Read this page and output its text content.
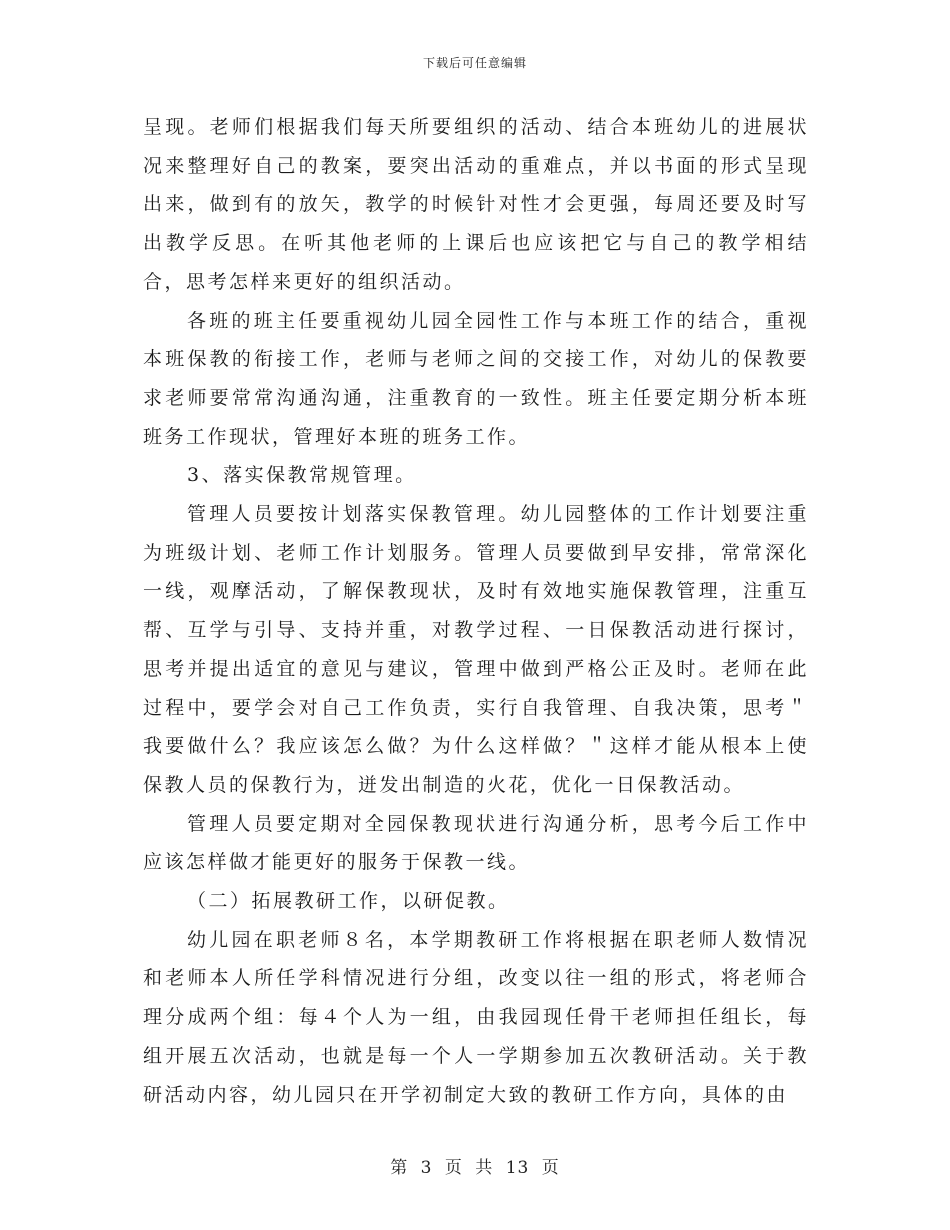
下载后可任意编辑

呈现。老师们根据我们每天所要组织的活动、结合本班幼儿的进展状况来整理好自己的教案，要突出活动的重难点，并以书面的形式呈现出来，做到有的放矢，教学的时候针对性才会更强，每周还要及时写出教学反思。在听其他老师的上课后也应该把它与自己的教学相结合，思考怎样来更好的组织活动。

各班的班主任要重视幼儿园全园性工作与本班工作的结合，重视本班保教的衔接工作，老师与老师之间的交接工作，对幼儿的保教要求老师要常常沟通沟通，注重教育的一致性。班主任要定期分析本班班务工作现状，管理好本班的班务工作。

3、落实保教常规管理。

管理人员要按计划落实保教管理。幼儿园整体的工作计划要注重为班级计划、老师工作计划服务。管理人员要做到早安排，常常深化一线，观摩活动，了解保教现状，及时有效地实施保教管理，注重互帮、互学与引导、支持并重，对教学过程、一日保教活动进行探讨，思考并提出适宜的意见与建议，管理中做到严格公正及时。老师在此过程中，要学会对自己工作负责，实行自我管理、自我决策，思考＂我要做什么？我应该怎么做？为什么这样做？＂这样才能从根本上使保教人员的保教行为，迸发出制造的火花，优化一日保教活动。

管理人员要定期对全园保教现状进行沟通分析，思考今后工作中应该怎样做才能更好的服务于保教一线。

（二）拓展教研工作，以研促教。

幼儿园在职老师８名，本学期教研工作将根据在职老师人数情况和老师本人所任学科情况进行分组，改变以往一组的形式，将老师合理分成两个组：每４个人为一组，由我园现任骨干老师担任组长，每组开展五次活动，也就是每一个人一学期参加五次教研活动。关于教研活动内容，幼儿园只在开学初制定大致的教研工作方向，具体的由

第 3 页 共 13 页
